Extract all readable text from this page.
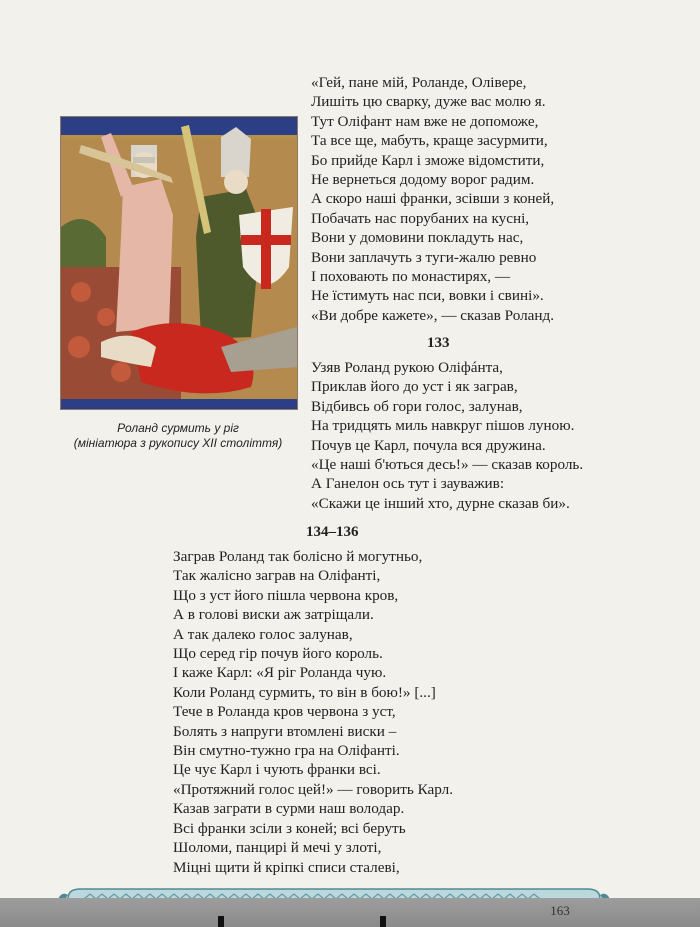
Роланд сурмить у ріг
(мініатюра з рукопису XII століття)
«Гей, пане мій, Роланде, Олівере,
Лишіть цю сварку, дуже вас молю я.
Тут Оліфант нам вже не допоможе,
Та все ще, мабуть, краще засурмити,
Бо прийде Карл і зможе відомстити,
Не вернеться додому ворог радим.
А скоро наші франки, зсівши з коней,
Побачать нас порубаних на кусні,
Вони у домовини покладуть нас,
Вони заплачуть з туги-жалю ревно
І поховають по монастирях, —
Не їстимуть нас пси, вовки і свині».
«Ви добре кажете», — сказав Роланд.
133
Узяв Роланд рукою Оліфáнта,
Приклав його до уст і як заграв,
Відбивсь об гори голос, залунав,
На тридцять миль навкруг пішов луною.
Почув це Карл, почула вся дружина.
«Це наші б'ються десь!» — сказав король.
А Ганелон ось тут і зауважив:
«Скажи це інший хто, дурне сказав би».
134–136
Заграв Роланд так болісно й могутньо,
Так жалісно заграв на Оліфанті,
Що з уст його пішла червона кров,
А в голові виски аж затріщали.
А так далеко голос залунав,
Що серед гір почув його король.
І каже Карл: «Я ріг Роланда чую.
Коли Роланд сурмить, то він в бою!» [...]
Тече в Роланда кров червона з уст,
Болять з напруги втомлені виски –
Він смутно-тужно гра на Оліфанті.
Це чує Карл і чують франки всі.
«Протяжний голос цей!» — говорить Карл.
Казав заграти в сурми наш володар.
Всі франки зсіли з коней; всі беруть
Шоломи, панцирі й мечі у злоті,
Міцні щити й кріпкі списи сталеві,
163
